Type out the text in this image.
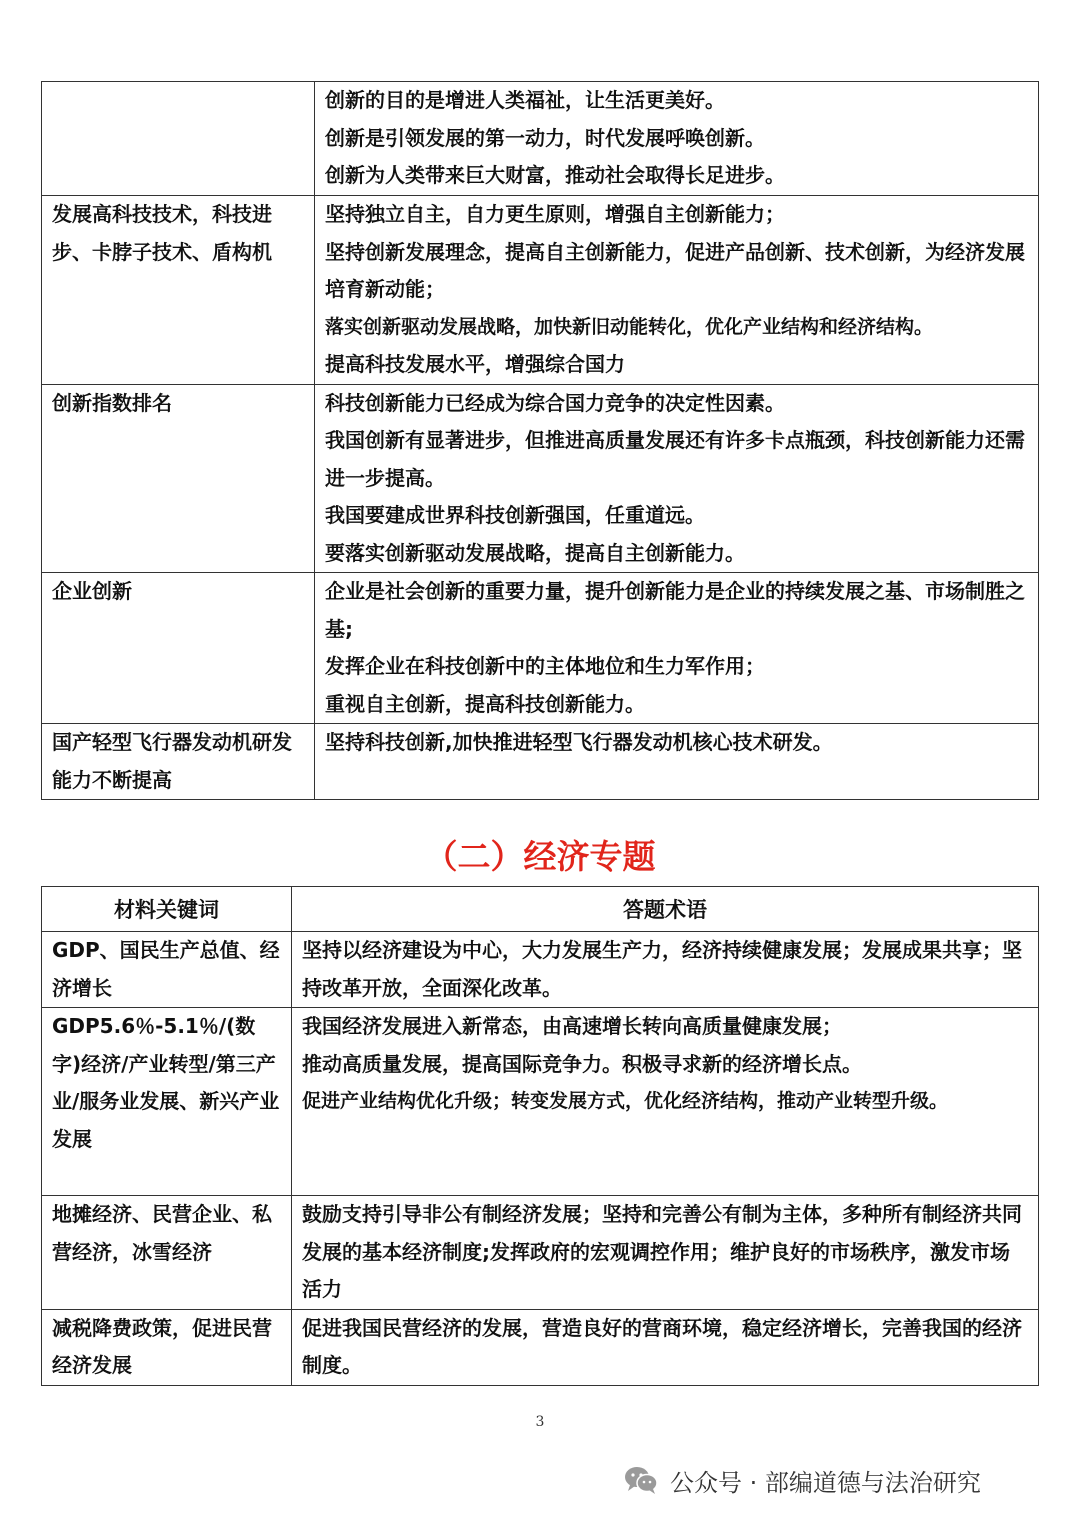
	创新的目的是增进人类福祉，让生活更美好。
创新是引领发展的第一动力，时代发展呼唤创新。
创新为人类带来巨大财富，推动社会取得长足进步。

发展高科技技术，科技进步、卡脖子技术、盾构机	坚持独立自主，自力更生原则，增强自主创新能力；
坚持创新发展理念，提高自主创新能力，促进产品创新、技术创新，为经济发展培育新动能；
落实创新驱动发展战略，加快新旧动能转化，优化产业结构和经济结构。
提高科技发展水平，增强综合国力

创新指数排名	科技创新能力已经成为综合国力竞争的决定性因素。
我国创新有显著进步，但推进高质量发展还有许多卡点瓶颈，科技创新能力还需进一步提高。
我国要建成世界科技创新强国，任重道远。
要落实创新驱动发展战略，提高自主创新能力。

企业创新	企业是社会创新的重要力量，提升创新能力是企业的持续发展之基、市场制胜之基;
发挥企业在科技创新中的主体地位和生力军作用；
重视自主创新，提高科技创新能力。

国产轻型飞行器发动机研发能力不断提高	坚持科技创新,加快推进轻型飞行器发动机核心技术研发。
（二）经济专题
材料关键词	答题术语

GDP、国民生产总值、经济增长	坚持以经济建设为中心，大力发展生产力，经济持续健康发展；发展成果共享；坚持改革开放，全面深化改革。

GDP5.6％-5.1％/(数字)经济/产业转型/第三产业/服务业发展、新兴产业发展	我国经济发展进入新常态，由高速增长转向高质量健康发展；
推动高质量发展，提高国际竞争力。积极寻求新的经济增长点。
促进产业结构优化升级；转变发展方式，优化经济结构，推动产业转型升级。

地摊经济、民营企业、私营经济，冰雪经济	鼓励支持引导非公有制经济发展；坚持和完善公有制为主体，多种所有制经济共同发展的基本经济制度;发挥政府的宏观调控作用；维护良好的市场秩序，激发市场活力

减税降费政策，促进民营经济发展	促进我国民营经济的发展，营造良好的营商环境，稳定经济增长，完善我国的经济制度。
3
公众号 · 部编道德与法治研究
